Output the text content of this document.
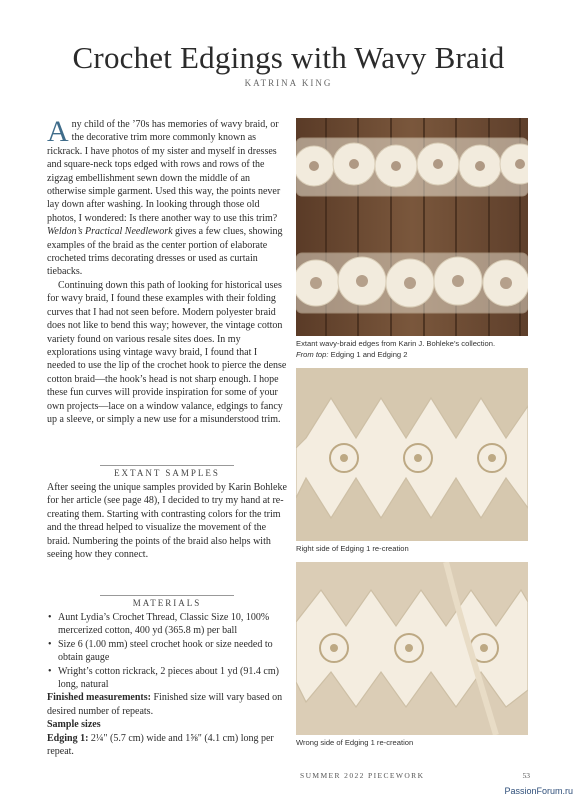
Crochet Edgings with Wavy Braid
KATRINA KING

Any child of the ’70s has memories of wavy braid, or the decorative trim more commonly known as rickrack. I have photos of my sister and myself in dresses and square-neck tops edged with rows and rows of the zigzag embellishment sewn down the middle of an otherwise simple garment. Used this way, the points never lay down after washing. In looking through those old photos, I wondered: Is there another way to use this trim? Weldon’s Practical Needlework gives a few clues, showing examples of the braid as the center portion of elaborate crocheted trims decorating dresses or used as curtain tiebacks.

Continuing down this path of looking for historical uses for wavy braid, I found these examples with their folding curves that I had not seen before. Modern polyester braid does not like to bend this way; however, the vintage cotton variety found on various resale sites does. In my explorations using vintage wavy braid, I found that I needed to use the lip of the crochet hook to pierce the dense cotton braid—the hook’s head is not sharp enough. I hope these fun curves will provide inspiration for some of your own projects—lace on a window valance, edgings to fancy up a sleeve, or simply a new use for a misunderstood trim.

EXTANT SAMPLES
After seeing the unique samples provided by Karin Bohleke for her article (see page 48), I decided to try my hand at re-creating them. Starting with contrasting colors for the trim and the thread helped to visualize the movement of the braid. Numbering the points of the braid also helps with seeing how they connect.
MATERIALS
• Aunt Lydia’s Crochet Thread, Classic Size 10, 100% mercerized cotton, 400 yd (365.8 m) per ball
• Size 6 (1.00 mm) steel crochet hook or size needed to obtain gauge
• Wright’s cotton rickrack, 2 pieces about 1 yd (91.4 cm) long, natural

Finished measurements: Finished size will vary based on desired number of repeats.

Sample sizes

Edging 1: 2¼" (5.7 cm) wide and 1⅝" (4.1 cm) long per repeat.

Extant wavy-braid edges from Karin J. Bohleke’s collection.
From top: Edging 1 and Edging 2
Right side of Edging 1 re-creation
Wrong side of Edging 1 re-creation
SUMMER 2022 PIECEWORK	53
PassionForum.ru
